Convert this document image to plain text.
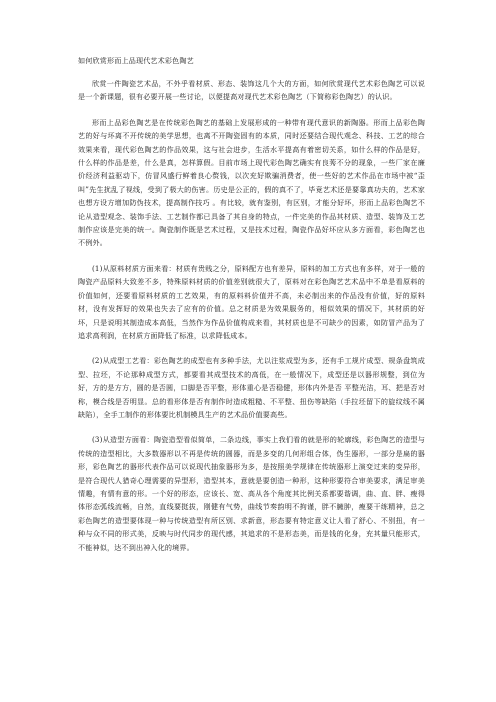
如何欣赏形而上品现代艺术彩色陶艺

欣赏一件陶瓷艺术品，不外乎看材质、形态、装饰这几个大的方面，如何欣赏现代艺术彩色陶艺可以说是一个新课题，很有必要开展一些讨论，以便提高对现代艺术彩色陶艺（下简称彩色陶艺）的认识。

形而上品彩色陶艺是在传统彩色陶艺的基础上发展形成的一种带有现代意识的新陶器。形而上品彩色陶艺的好与坏离不开传统的美学思想，也离不开陶瓷固有的本质，同时还要结合现代观念、科技、工艺的综合效果来看，现代彩色陶艺的作品效果，这与社会进步，生活水平提高有着密切关系，如什么样的作品是好，什么样的作品是差，什么是真，怎样算假。目前市场上现代彩色陶艺确实有良莠不分的现象，一些厂家在廉价经济利益驱动下，仿冒风盛行鲜着良心赘钱，以次充好欺骗消费者，使一些好的艺术作品在市场中被“歪叫”先生扰乱了视线，受到了极大的伤害。历史是公正的，假的真不了，毕竟艺术还是要靠真功夫的，艺术家也想方设方增加防伪技术，提高制作技巧 。有比较，就有鉴别，有区别，才能分好坏，形而上品彩色陶艺不论从造型观念、装饰手法、工艺制作都已具备了其自身的特点，一件完美的作品其材质、造型、装饰及工艺制作应该是完美的统一。陶瓷制作既是艺术过程，又是技术过程，陶瓷作品好坏应从多方面看，彩色陶艺也不例外。

(1)从原料材质方面来看：材质有贵贱之分，原料配方也有差异，原料的加工方式也有多样，对于一般的陶瓷产品原料大致差不多，特殊原料材质的价值差别就很大了，原料对在彩色陶艺艺术品中不单是看原料的价值如何，还要看原料材质的工艺效果，有的原料料价值并不高，未必制出来的作品没有价值，好的原料材，没有发挥好的效果也失去了应有的价值。总之材质是为效果服务的，相似效果的情况下，其材质的好坏，只是说明其制造成本高低，当然作为作品价值构成来看，其材质也是不可缺少的因素，如防冒产品为了追求高利润，在材质方面降低了标准，以求降低成本。

(2)从成型工艺看：彩色陶艺的成型也有多种手法，尤以注浆成型为多，还有手工规片成型、规条盘筑成型、拉坯，不论那种成型方式，都要看其成型技术的高低，在一般情况下，成型还是以器形规整，到位为好，方的是方方，圆的是否圆，口脚是否平整，形体重心是否稳健，形体内外是否 平整光洁，耳、把是否对称，模合线是否明显。总的看形体是否有制作时造成粗糙、不平整、扭伤等缺陷（手拉坯留下的旋纹线不属缺陷），全手工制作的形体要比机制模具生产的艺术品价值要高些。

(3)从造型方面看：陶瓷造型看似简单，二条边线，事实上我们看的就是形的轮廓线，彩色陶艺的造型与传统的造型相比，大多数器形以不再是传统的圆器，而是多变的几何形组合体，伪生器形，一部分是扁的器形，彩色陶艺的器形代表作品可以说现代抽象器形为多，是按照美学规律在传统器形上演变过来的变异形，是符合现代人猎奇心理需要的异型形，造型其本，意就是要创造一种形，这种形要符合审美要求，满足审美情趣，有情有意的形。一个好的形态，应该长、宽、高从各个角度其比例关系都要谐调，曲、直、胖、瘦得体形态弧线流畅，自然，直线要挺拔，刚健有气势，曲线节奏韵明不拘谨，胖不臃肿，瘦要干练精神，总之彩色陶艺的造型要体现一种与传统造型有所区别、求新意，形态要有特定意义让人看了舒心、不别扭，有一种与众不同的形式美，反映与时代同步的现代感，其追求的不是形态美，而是钱的化身，充其量只能形式，不能神似，达不到出神入化的境界。
